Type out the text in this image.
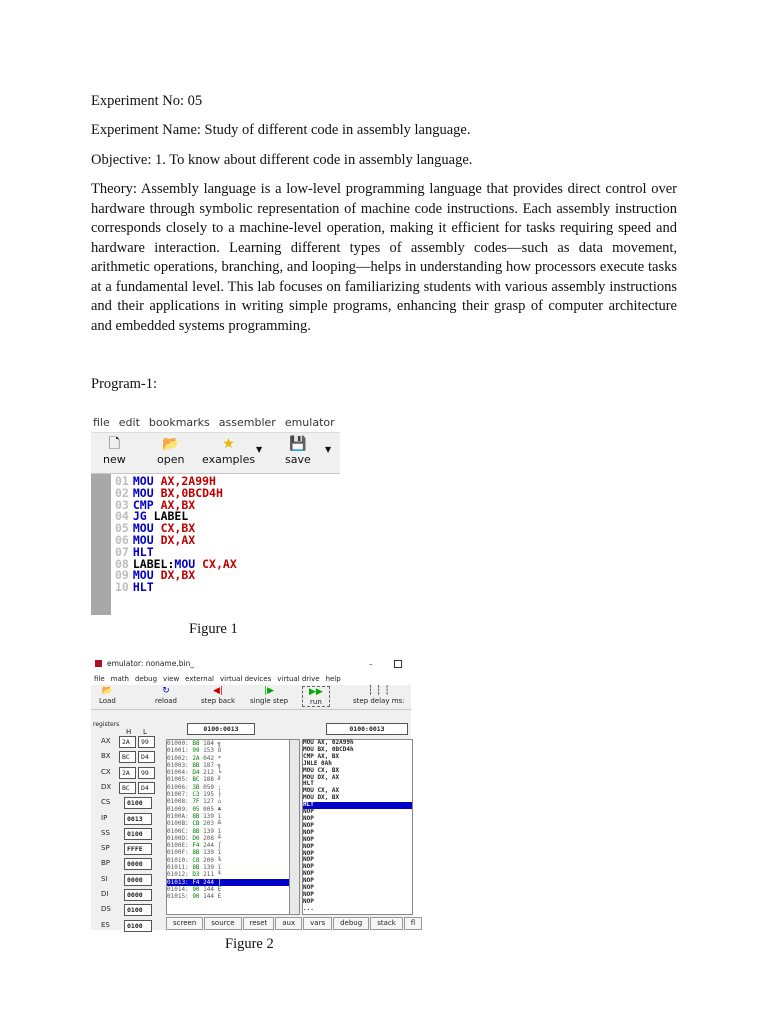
Experiment No: 05

Experiment Name: Study of different code in assembly language.

Objective: 1. To know about different code in assembly language.

Theory: Assembly language is a low-level programming language that provides direct control over hardware through symbolic representation of machine code instructions. Each assembly instruction corresponds closely to a machine-level operation, making it efficient for tasks requiring speed and hardware interaction. Learning different types of assembly codes—such as data movement, arithmetic operations, branching, and looping—helps in understanding how processors execute tasks at a fundamental level. This lab focuses on familiarizing students with various assembly instructions and their applications in writing simple programs, enhancing their grasp of computer architecture and embedded systems programming.

Program-1:

file edit bookmarks assembler emulator
🗋
new
📂
open
★
examples
▼ 💾
save
▼
01 MOU AX,2A99H
02 MOU BX,0BCD4H
03 CMP AX,BX
04 JG LABEL
05 MOU CX,BX
06 MOU DX,AX
07 HLT
08 LABEL:MOU CX,AX
09 MOU DX,BX
10 HLT
Figure 1
emulator: noname.bin_	–
file math debug view external virtual devices virtual drive help
📂
Load
↻
reload
◀|
step back
|▶
single step
▶▶
run
┆ ┆ ┆
step delay ms:
registers
H L
AX	2A	99
BX	BC	D4
CX	2A	99
DX	BC	D4
CS	0100
IP	0013
SS	0100
SP	FFFE
BP	0000
SI	0000
DI	0000
DS	0100
ES	0100
0100:0013	0100:0013
01000: B8 184 ╗
01001: 99 153 Ö
01002: 2A 042 *
01003: BB 187 ╗
01004: D4 212 ╘
01005: BC 188 ╝
01006: 3B 059 ;
01007: C3 195 ├
01008: 7F 127 ⌂
01009: 05 005 ♣
0100A: 8B 139 ï
0100B: CB 203 ╩
0100C: 8B 139 ï
0100D: D0 208 ╨
0100E: F4 244 ⌠
0100F: 8B 139 ï
01010: C8 200 ╚
01011: 8B 139 ï
01012: D3 211 ╙
01013: F4 244 ⌠
01014: 90 144 É
01015: 90 144 É
MOU AX, 02A99h
MOU BX, 0BCD4h
CMP AX, BX
JNLE 0Ah
MOU CX, BX
MOU DX, AX
HLT
MOU CX, AX
MOU DX, BX
HLT
NOP
NOP
NOP
NOP
NOP
NOP
NOP
NOP
NOP
NOP
NOP
NOP
NOP
NOP
...
screen source reset aux vars debug stack fl
Figure 2
